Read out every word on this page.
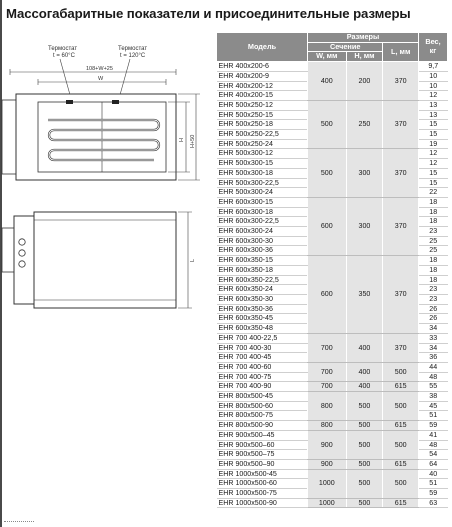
Массогабаритные показатели и присоединительные размеры
Термостат
t = 60°C
Термостат
t = 120°C
108+W+25
W
H H+50
L
Модель	Размеры			Вес, кг
	Сечение		L, мм	
	W, мм	H, мм		
EHR 400x200-6	400	200	370	9,7
EHR 400x200-9				10
EHR 400x200-12				10
EHR 400x200-15				12
EHR 500x250-12	500	250	370	13
EHR 500x250-15				13
EHR 500x250-18				15
EHR 500x250-22,5				15
EHR 500x250-24				19
EHR 500x300-12	500	300	370	12
EHR 500x300-15				12
EHR 500x300-18				15
EHR 500x300-22,5				15
EHR 500x300-24				22
EHR 600x300-15	600	300	370	18
EHR 600x300-18				18
EHR 600x300-22,5				18
EHR 600x300-24				23
EHR 600x300-30				25
EHR 600x300-36				25
EHR 600x350-15	600	350	370	18
EHR 600x350-18				18
EHR 600x350-22,5				18
EHR 600x350-24				23
EHR 600x350-30				23
EHR 600x350-36				26
EHR 600x350-45				26
EHR 600x350-48				34
EHR 700 400-22,5	700	400	370	33
EHR 700 400-30				34
EHR 700 400-45				36
EHR 700 400-60	700	400	500	44
EHR 700 400-75				48
EHR 700 400-90	700	400	615	55
EHR 800x500-45	800	500	500	38
EHR 800x500-60				45
EHR 800x500-75				51
EHR 800x500-90	800	500	615	59
EHR 900x500–45	900	500	500	41
EHR 900x500–60				48
EHR 900x500–75				54
EHR 900x500–90	900	500	615	64
EHR 1000x500-45	1000	500	500	40
EHR 1000x500-60				51
EHR 1000x500-75				59
EHR 1000x500-90	1000	500	615	63
